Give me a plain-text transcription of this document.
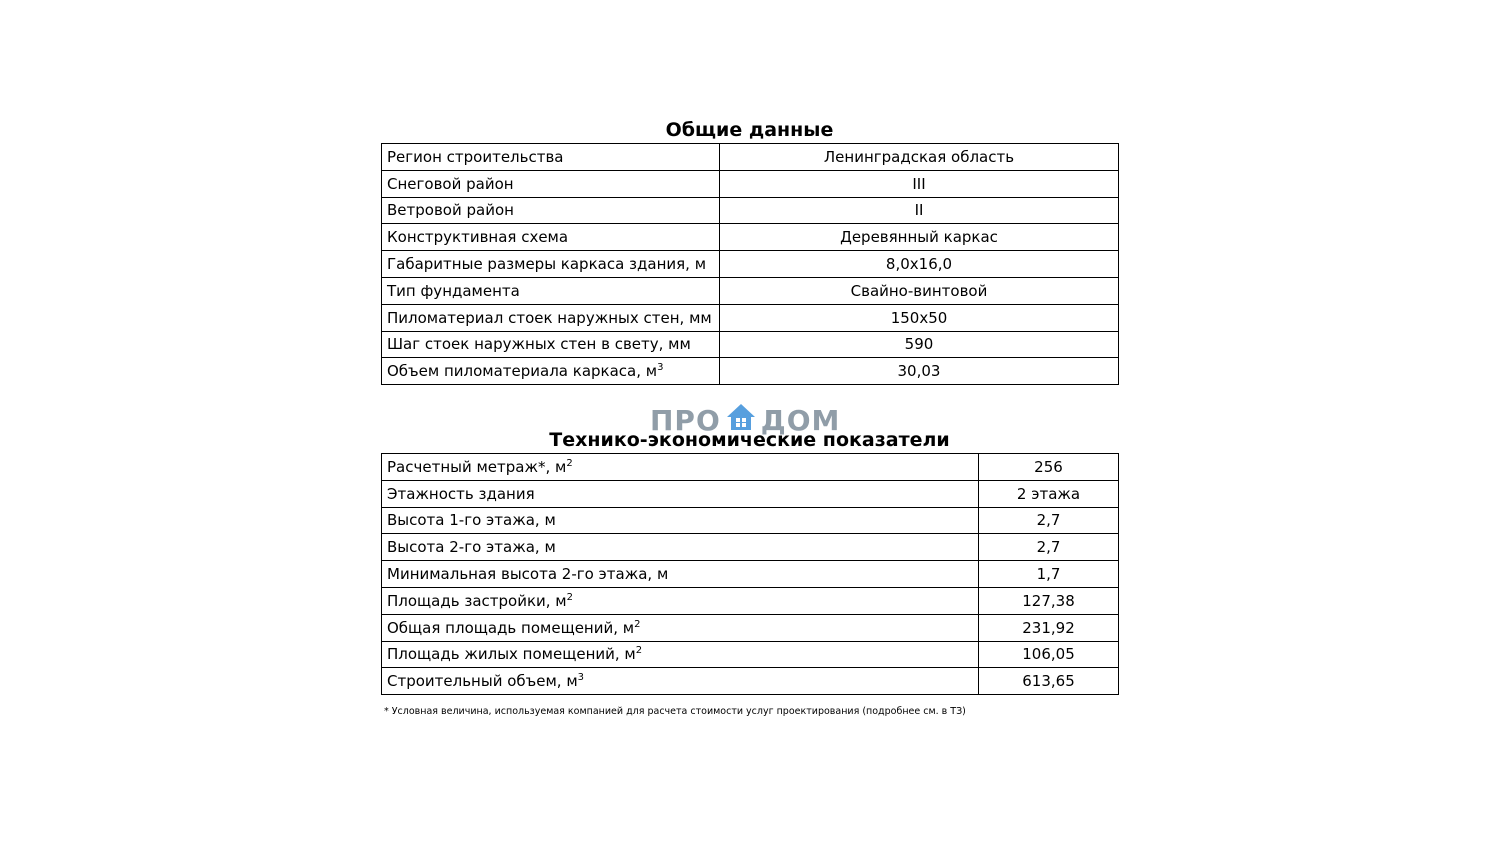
Общие данные
Регион строительства	Ленинградская область
Снеговой район	III
Ветровой район	II
Конструктивная схема	Деревянный каркас
Габаритные размеры каркаса здания, м	8,0x16,0
Тип фундамента	Свайно-винтовой
Пиломатериал стоек наружных стен, мм	150x50
Шаг стоек наружных стен в свету, мм	590
Объем пиломатериала каркаса, $м^3$	30,03
ПРО ДОМ
Технико-экономические показатели
Расчетный метраж*, $м^2$	256
Этажность здания	2 этажа
Высота 1-го этажа, м	2,7
Высота 2-го этажа, м	2,7
Минимальная высота 2-го этажа, м	1,7
Площадь застройки, $м^2$	127,38
Общая площадь помещений, $м^2$	231,92
Площадь жилых помещений, $м^2$	106,05
Строительный объем, $м^3$	613,65
* Условная величина, используемая компанией для расчета стоимости услуг проектирования (подробнее см. в ТЗ)
